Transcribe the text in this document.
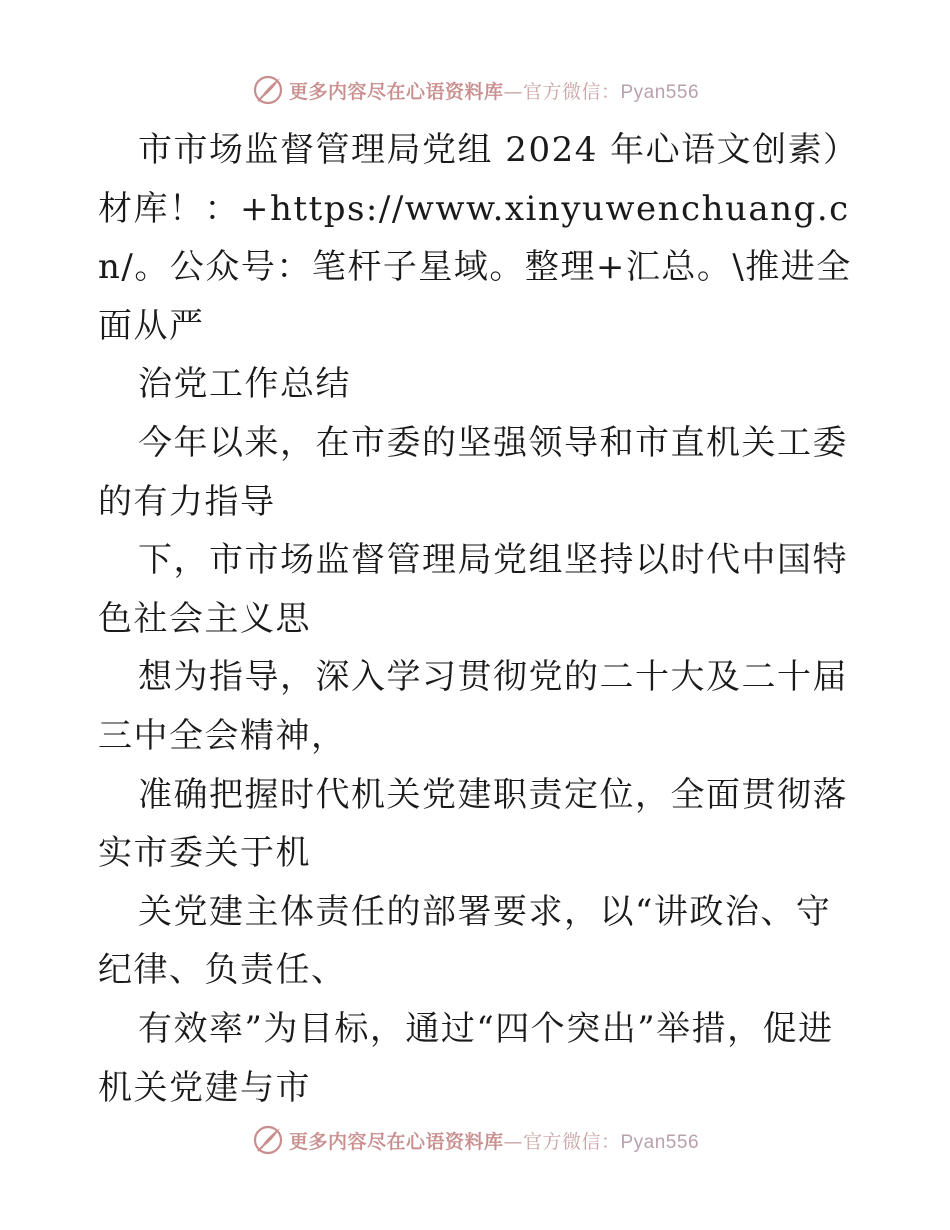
更多内容尽在心语资料库—官方微信：Pyan556

市市场监督管理局党组 2024 年心语文创素）材库！：+https://www.xinyuwenchuang.cn/。公众号：笔杆子星域。整理+汇总。\推进全面从严

治党工作总结

今年以来，在市委的坚强领导和市直机关工委的有力指导

下，市市场监督管理局党组坚持以时代中国特色社会主义思

想为指导，深入学习贯彻党的二十大及二十届三中全会精神，

准确把握时代机关党建职责定位，全面贯彻落实市委关于机

关党建主体责任的部署要求，以“讲政治、守纪律、负责任、

有效率”为目标，通过“四个突出”举措，促进机关党建与市

更多内容尽在心语资料库—官方微信：Pyan556
